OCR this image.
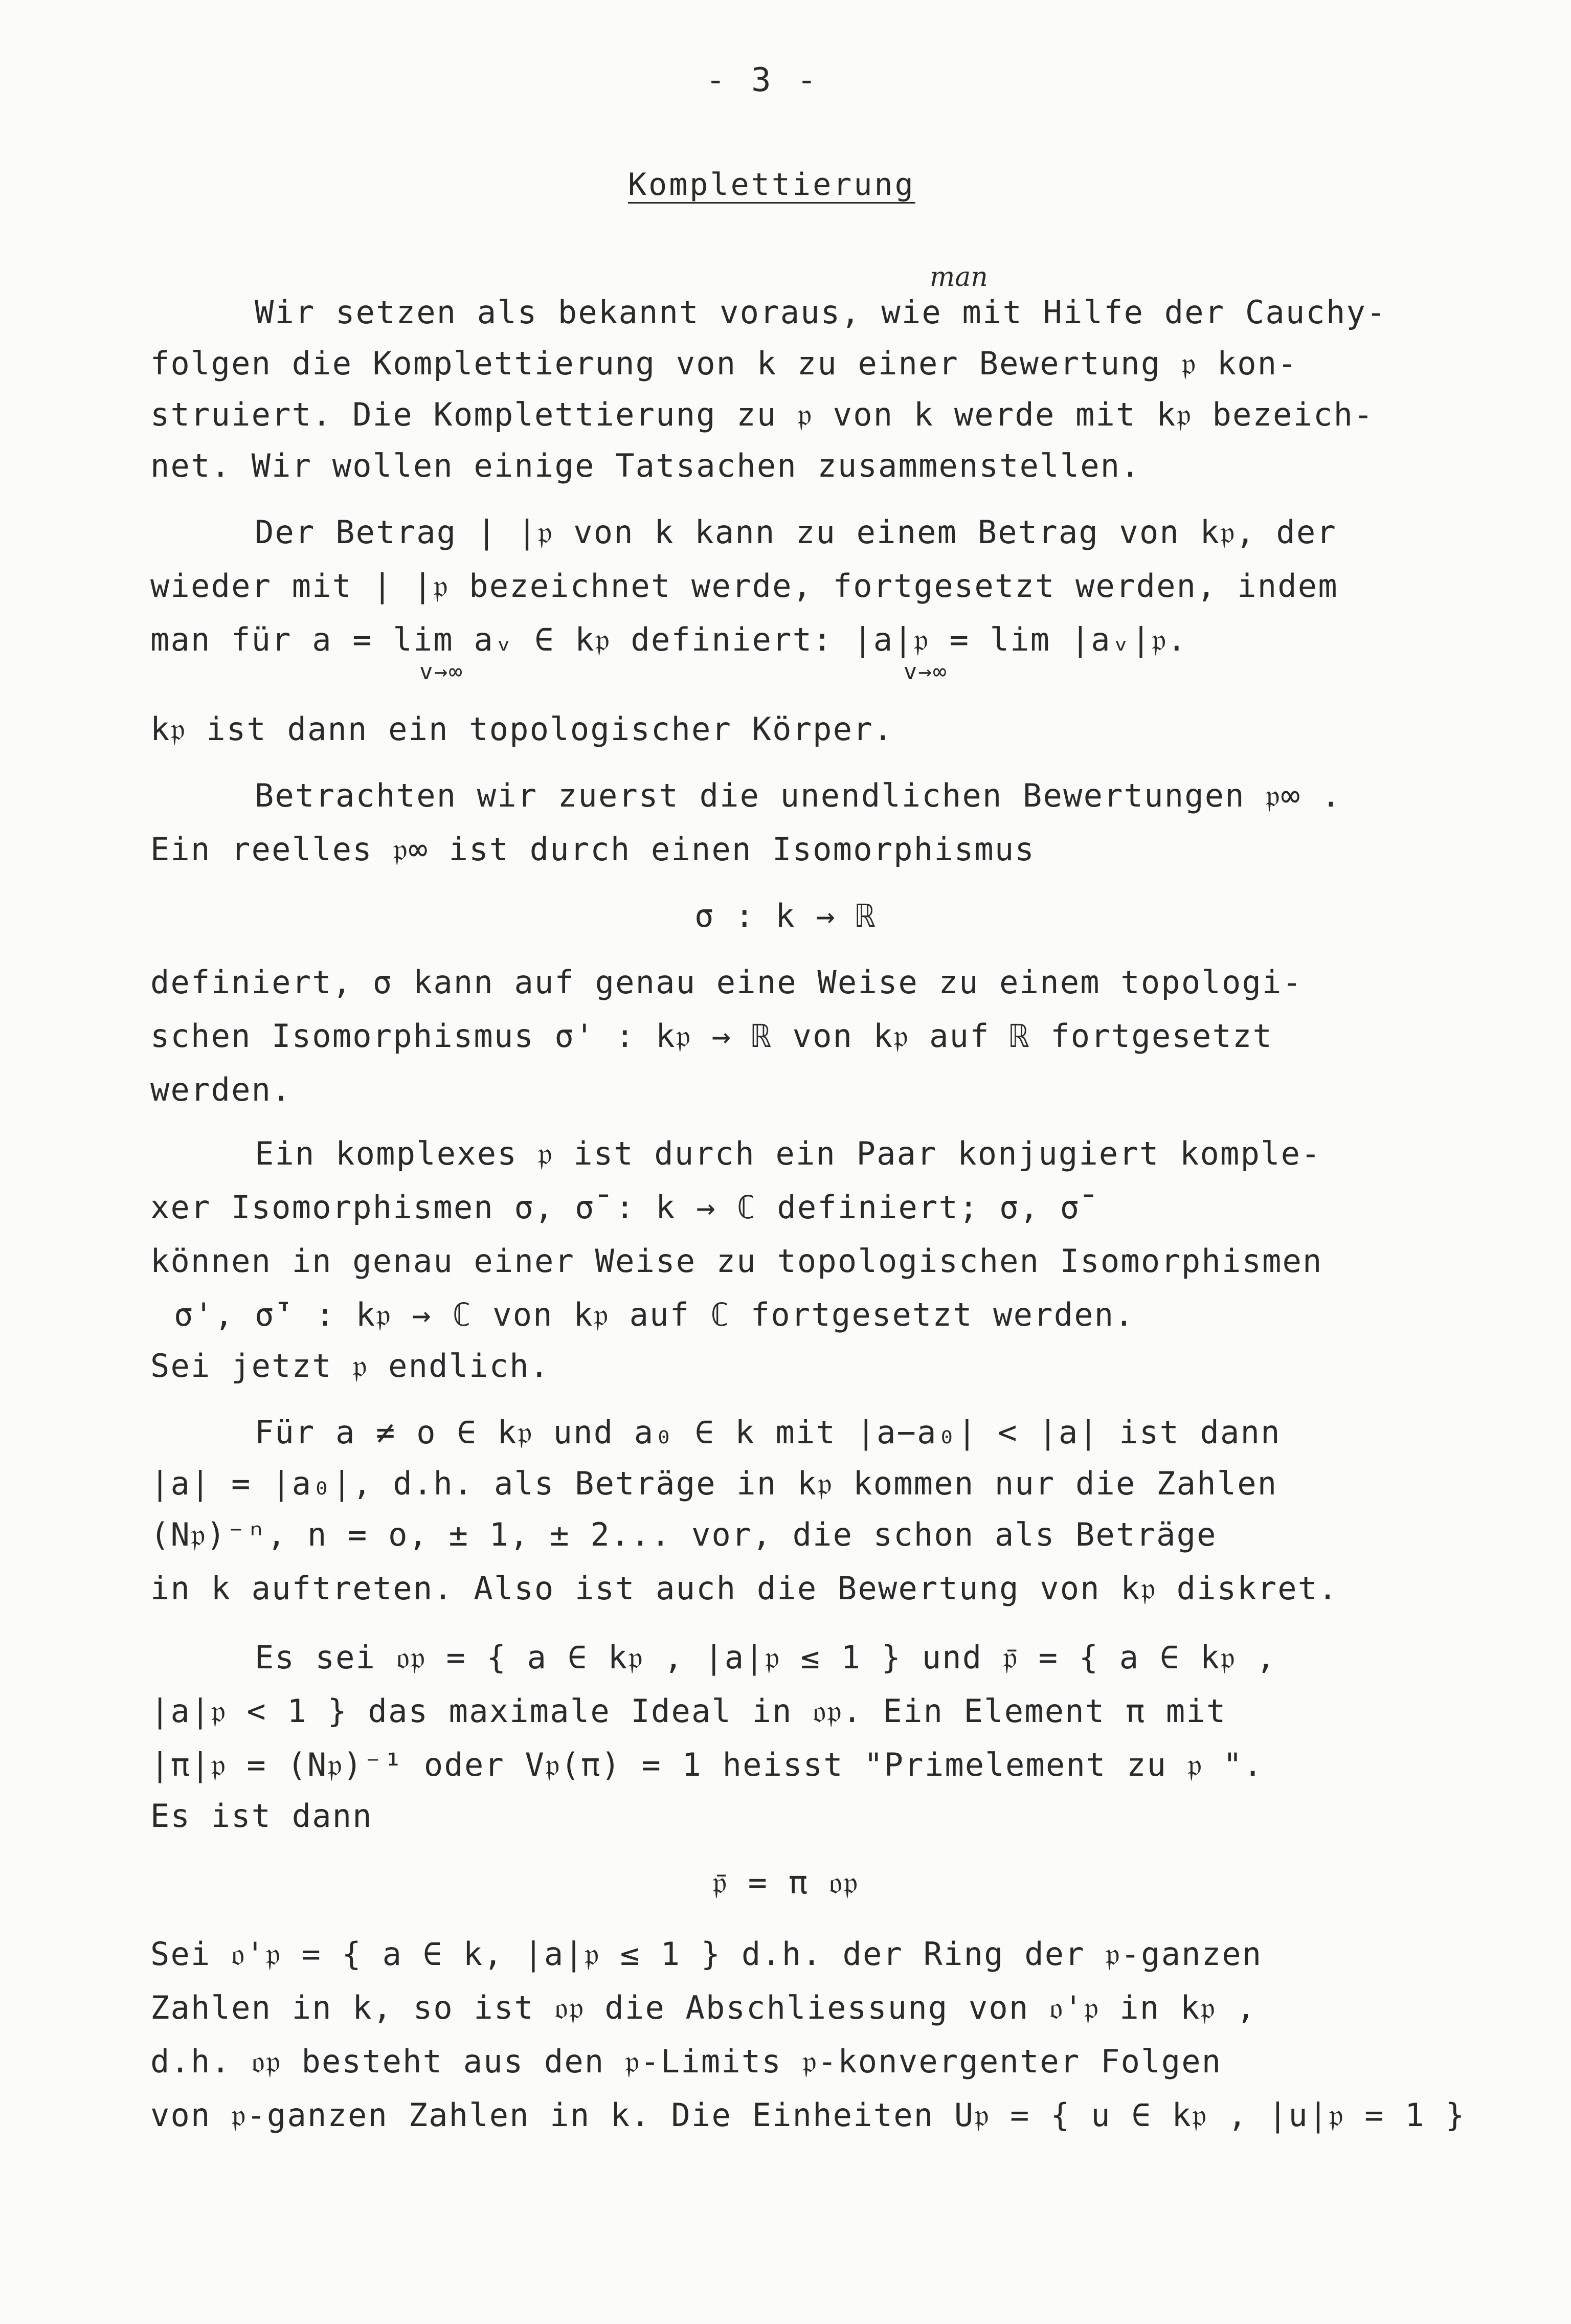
- 3 -
Komplettierung
man
Wir setzen als bekannt voraus, wie mit Hilfe der Cauchy-
folgen die Komplettierung von k zu einer Bewertung 𝔭 kon-
struiert. Die Komplettierung zu 𝔭 von k werde mit k𝔭 bezeich-
net. Wir wollen einige Tatsachen zusammenstellen.
Der Betrag | |𝔭 von k kann zu einem Betrag von k𝔭, der
wieder mit | |𝔭 bezeichnet werde, fortgesetzt werden, indem
man für a = lim aᵥ ∈ k𝔭 definiert: |a|𝔭 = lim |aᵥ|𝔭.
v→∞                              v→∞
k𝔭 ist dann ein topologischer Körper.
Betrachten wir zuerst die unendlichen Bewertungen 𝔭∞ .
Ein reelles 𝔭∞ ist durch einen Isomorphismus
σ : k → ℝ
definiert, σ kann auf genau eine Weise zu einem topologi-
schen Isomorphismus σ' : k𝔭 → ℝ von k𝔭 auf ℝ fortgesetzt
werden.
Ein komplexes 𝔭 ist durch ein Paar konjugiert komple-
xer Isomorphismen σ, σ̄ : k → ℂ definiert; σ, σ̄
können in genau einer Weise zu topologischen Isomorphismen
σ', σ̄' : k𝔭 → ℂ von k𝔭 auf ℂ fortgesetzt werden.
Sei jetzt 𝔭 endlich.
Für a ≠ o ∈ k𝔭 und a₀ ∈ k mit |a−a₀| < |a| ist dann
|a| = |a₀|, d.h. als Beträge in k𝔭 kommen nur die Zahlen
(N𝔭)⁻ⁿ, n = o, ± 1, ± 2... vor, die schon als Beträge
in k auftreten. Also ist auch die Bewertung von k𝔭 diskret.
Es sei 𝔬𝔭 = { a ∈ k𝔭 , |a|𝔭 ≤ 1 } und 𝔭̄ = { a ∈ k𝔭 ,
|a|𝔭 < 1 } das maximale Ideal in 𝔬𝔭. Ein Element π mit
|π|𝔭 = (N𝔭)⁻¹ oder V𝔭(π) = 1 heisst "Primelement zu 𝔭 ".
Es ist dann
𝔭̄ = π 𝔬𝔭
Sei 𝔬'𝔭 = { a ∈ k, |a|𝔭 ≤ 1 } d.h. der Ring der 𝔭-ganzen
Zahlen in k, so ist 𝔬𝔭 die Abschliessung von 𝔬'𝔭 in k𝔭 ,
d.h. 𝔬𝔭 besteht aus den 𝔭-Limits 𝔭-konvergenter Folgen
von 𝔭-ganzen Zahlen in k. Die Einheiten U𝔭 = { u ∈ k𝔭 , |u|𝔭 = 1 }
